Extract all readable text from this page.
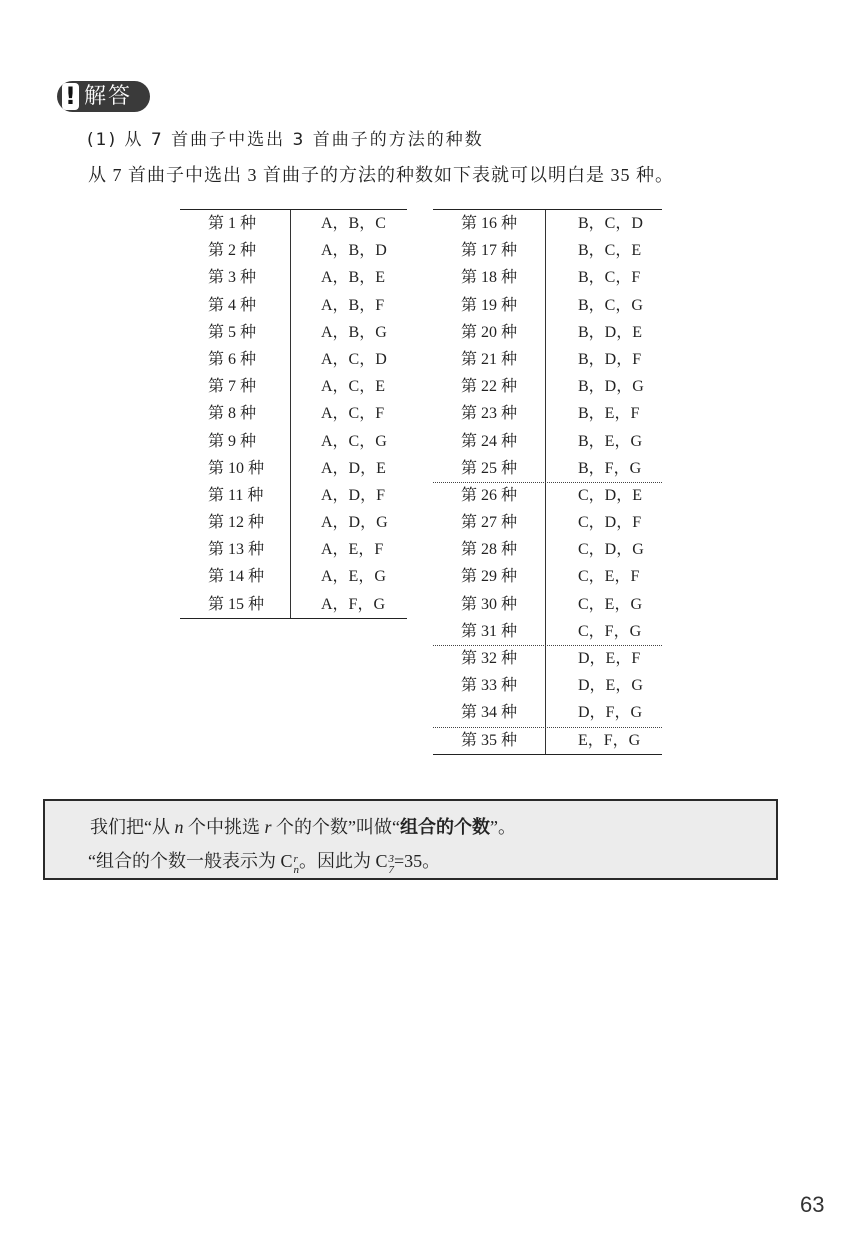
! 解答
(1) 从 7 首曲子中选出 3 首曲子的方法的种数

从 7 首曲子中选出 3 首曲子的方法的种数如下表就可以明白是 35 种。

第 1 种	A，B，C
第 2 种	A，B，D
第 3 种	A，B，E
第 4 种	A，B，F
第 5 种	A，B，G
第 6 种	A，C，D
第 7 种	A，C，E
第 8 种	A，C，F
第 9 种	A，C，G
第 10 种	A，D，E
第 11 种	A，D，F
第 12 种	A，D，G
第 13 种	A，E，F
第 14 种	A，E，G
第 15 种	A，F，G
第 16 种	B，C，D
第 17 种	B，C，E
第 18 种	B，C，F
第 19 种	B，C，G
第 20 种	B，D，E
第 21 种	B，D，F
第 22 种	B，D，G
第 23 种	B，E，F
第 24 种	B，E，G
第 25 种	B，F，G
第 26 种	C，D，E
第 27 种	C，D，F
第 28 种	C，D，G
第 29 种	C，E，F
第 30 种	C，E，G
第 31 种	C，F，G
第 32 种	D，E，F
第 33 种	D，E，G
第 34 种	D，F，G
第 35 种	E，F，G
我们把“从 n 个中挑选 r 个的个数”叫做“组合的个数”。
“组合的个数一般表示为 C r
n 。因此为 C 3
7 =35。
63
